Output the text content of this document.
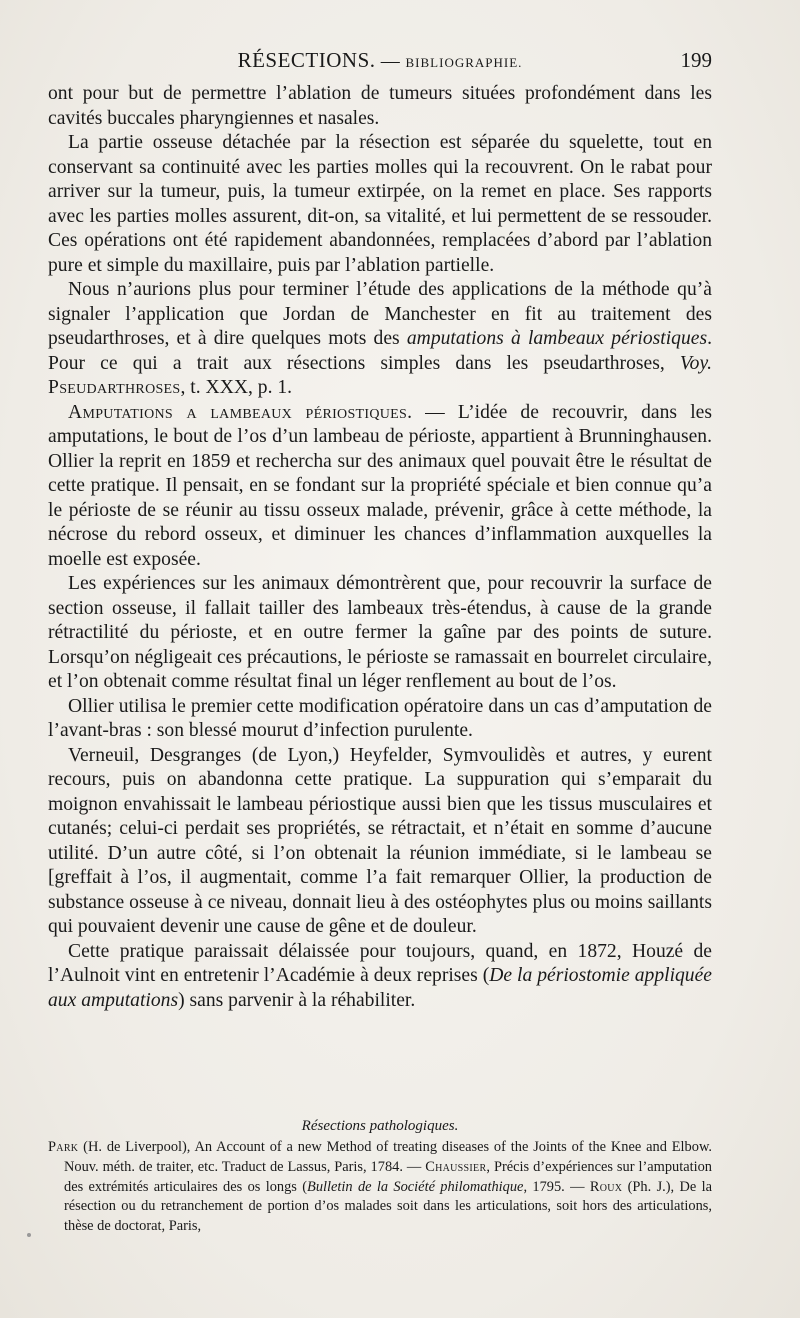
RÉSECTIONS. — BIBLIOGRAPHIE.	199

ont pour but de permettre l’ablation de tumeurs situées profondément dans les cavités buccales pharyngiennes et nasales.

La partie osseuse détachée par la résection est séparée du squelette, tout en conservant sa continuité avec les parties molles qui la recouvrent. On le rabat pour arriver sur la tumeur, puis, la tumeur extirpée, on la remet en place. Ses rapports avec les parties molles assurent, dit-on, sa vitalité, et lui permettent de se ressouder. Ces opérations ont été rapidement abandonnées, remplacées d’abord par l’ablation pure et simple du maxillaire, puis par l’ablation partielle.

Nous n’aurions plus pour terminer l’étude des applications de la méthode qu’à signaler l’application que Jordan de Manchester en fit au traitement des pseudarthroses, et à dire quelques mots des amputations à lambeaux périostiques. Pour ce qui a trait aux résections simples dans les pseudarthroses, Voy. Pseudarthroses, t. XXX, p. 1.

Amputations a lambeaux périostiques. — L’idée de recouvrir, dans les amputations, le bout de l’os d’un lambeau de périoste, appartient à Brunninghausen. Ollier la reprit en 1859 et rechercha sur des animaux quel pouvait être le résultat de cette pratique. Il pensait, en se fondant sur la propriété spéciale et bien connue qu’a le périoste de se réunir au tissu osseux malade, prévenir, grâce à cette méthode, la nécrose du rebord osseux, et diminuer les chances d’inflammation auxquelles la moelle est exposée.

Les expériences sur les animaux démontrèrent que, pour recouvrir la surface de section osseuse, il fallait tailler des lambeaux très-étendus, à cause de la grande rétractilité du périoste, et en outre fermer la gaîne par des points de suture. Lorsqu’on négligeait ces précautions, le périoste se ramassait en bourrelet circulaire, et l’on obtenait comme résultat final un léger renflement au bout de l’os.

Ollier utilisa le premier cette modification opératoire dans un cas d’amputation de l’avant-bras : son blessé mourut d’infection purulente.

Verneuil, Desgranges (de Lyon,) Heyfelder, Symvoulidès et autres, y eurent recours, puis on abandonna cette pratique. La suppuration qui s’emparait du moignon envahissait le lambeau périostique aussi bien que les tissus musculaires et cutanés; celui-ci perdait ses propriétés, se rétractait, et n’était en somme d’aucune utilité. D’un autre côté, si l’on obtenait la réunion immédiate, si le lambeau se [greffait à l’os, il augmentait, comme l’a fait remarquer Ollier, la production de substance osseuse à ce niveau, donnait lieu à des ostéophytes plus ou moins saillants qui pouvaient devenir une cause de gêne et de douleur.

Cette pratique paraissait délaissée pour toujours, quand, en 1872, Houzé de l’Aulnoit vint en entretenir l’Académie à deux reprises (De la périostomie appliquée aux amputations) sans parvenir à la réhabiliter.

Résections pathologiques.

Park (H. de Liverpool), An Account of a new Method of treating diseases of the Joints of the Knee and Elbow. Nouv. méth. de traiter, etc. Traduct de Lassus, Paris, 1784. — Chaussier, Précis d’expériences sur l’amputation des extrémités articulaires des os longs (Bulletin de la Société philomathique, 1795. — Roux (Ph. J.), De la résection ou du retranchement de portion d’os malades soit dans les articulations, soit hors des articulations, thèse de doctorat, Paris,
